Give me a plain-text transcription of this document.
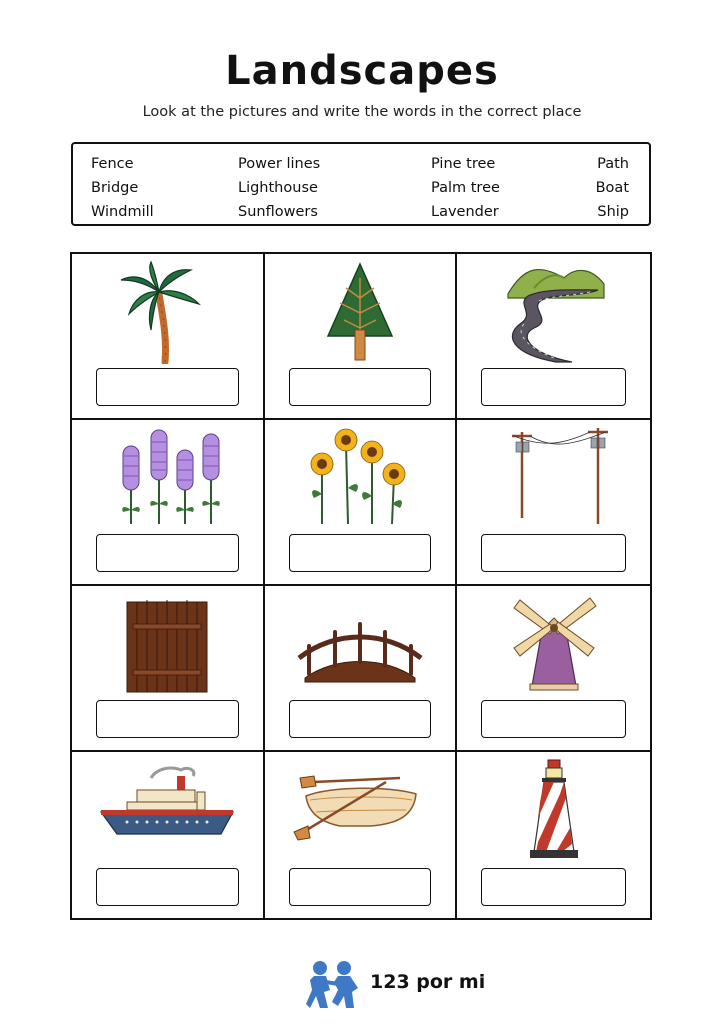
Landscapes
Look at the pictures and write the words in the correct place
Fence
Bridge
Windmill
Power lines
Lighthouse
Sunflowers
Pine tree
Palm tree
Lavender
Path
Boat
Ship
123 por mi
